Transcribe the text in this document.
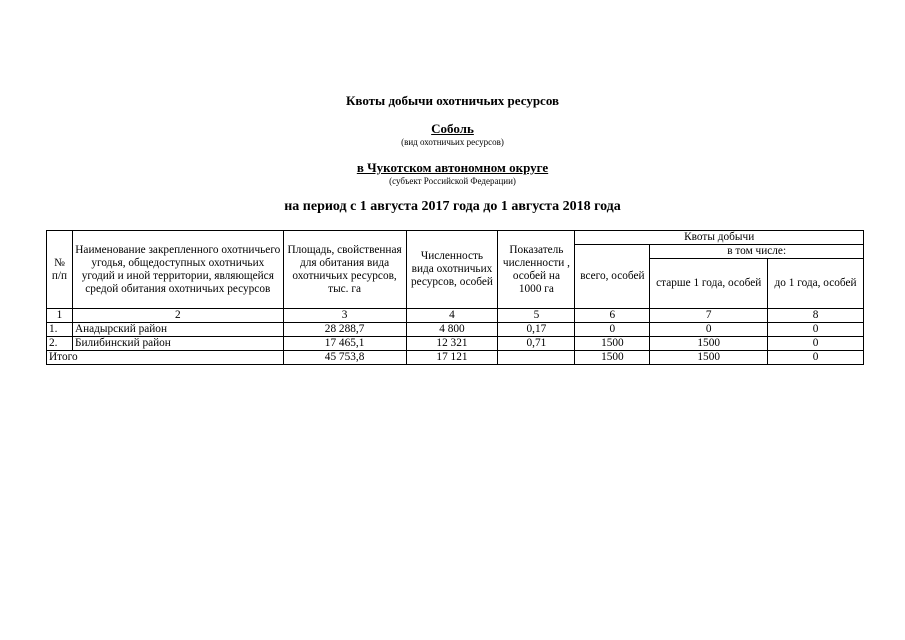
Квоты добычи охотничьих ресурсов
Соболь
(вид охотничьих ресурсов)
в Чукотском автономном округе
(субъект Российской Федерации)
на период с 1 августа 2017 года до 1 августа 2018 года
№ п/п	Наименование закрепленного охотничьего угодья, общедоступных охотничьих угодий и иной территории, являющейся средой обитания охотничьих ресурсов	Площадь, свойственная для обитания вида охотничьих ресурсов, тыс. га	Численность вида охотничьих ресурсов, особей	Показатель численности , особей на 1000 га	Квоты добычи		
					всего, особей	в том числе:	
						старше 1 года, особей	до 1 года, особей
1	2	3	4	5	6	7	8
1.	Анадырский район	28 288,7	4 800	0,17	0	0	0
2.	Билибинский район	17 465,1	12 321	0,71	1500	1500	0
Итого		45 753,8	17 121		1500	1500	0
